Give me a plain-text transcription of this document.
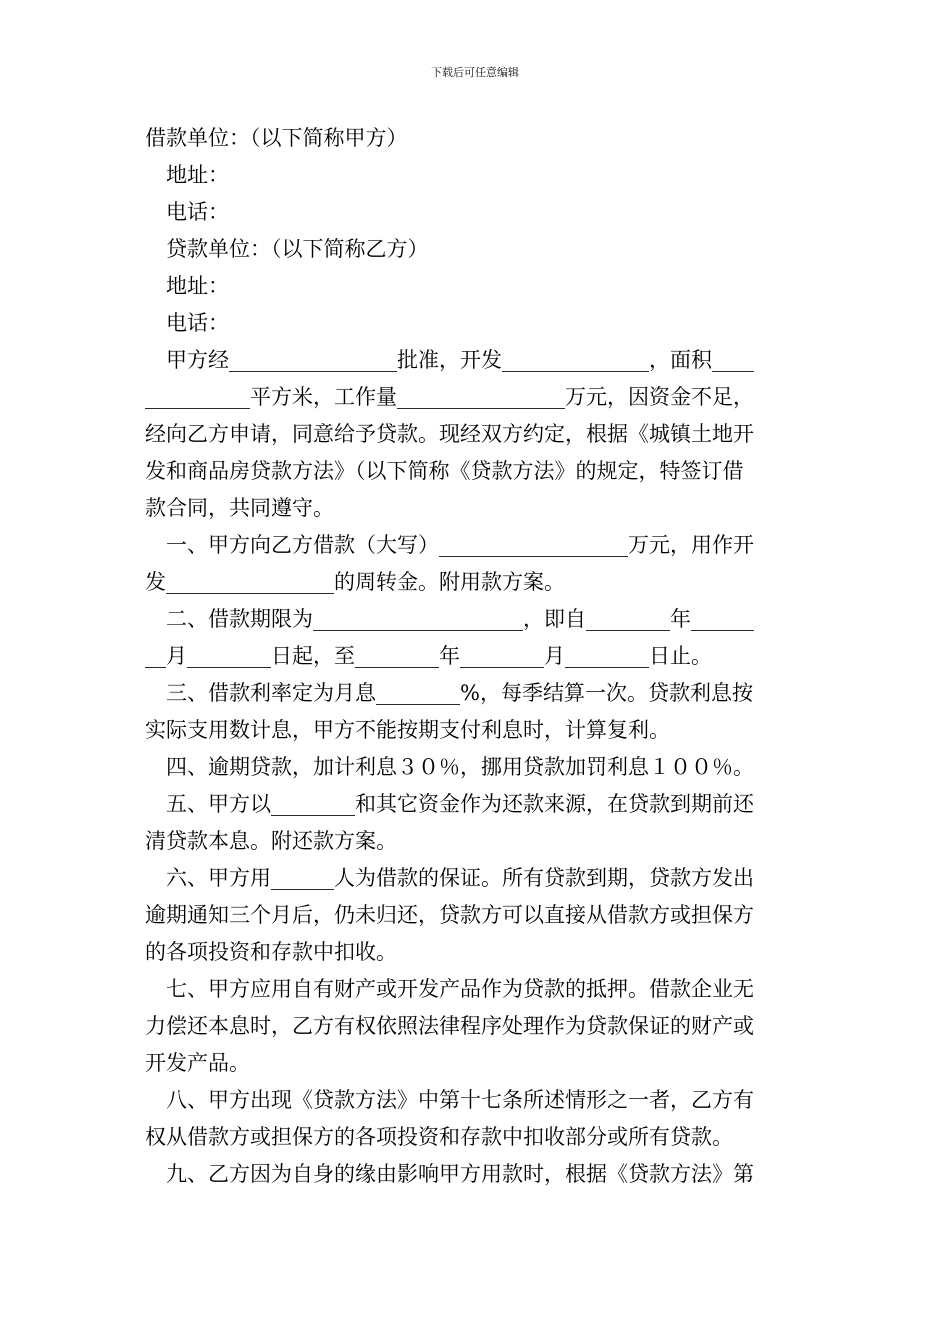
下载后可任意编辑
借款单位：（以下简称甲方）
 地址：
 电话：
 贷款单位：（以下简称乙方）
 地址：
 电话：
 甲方经________________批准，开发______________，面积____
__________平方米，工作量________________万元，因资金不足，
经向乙方申请，同意给予贷款。现经双方约定，根据《城镇土地开
发和商品房贷款方法》（以下简称《贷款方法》的规定，特签订借
款合同，共同遵守。
 一、甲方向乙方借款（大写）__________________万元，用作开
发________________的周转金。附用款方案。
 二、借款期限为____________________，即自________年______
__月________日起，至________年________月________日止。
 三、借款利率定为月息________%，每季结算一次。贷款利息按
实际支用数计息，甲方不能按期支付利息时，计算复利。
 四、逾期贷款，加计利息３０％，挪用贷款加罚利息１００％。
 五、甲方以________和其它资金作为还款来源，在贷款到期前还
清贷款本息。附还款方案。
 六、甲方用______人为借款的保证。所有贷款到期，贷款方发出
逾期通知三个月后，仍未归还，贷款方可以直接从借款方或担保方
的各项投资和存款中扣收。
 七、甲方应用自有财产或开发产品作为贷款的抵押。借款企业无
力偿还本息时，乙方有权依照法律程序处理作为贷款保证的财产或
开发产品。
 八、甲方出现《贷款方法》中第十七条所述情形之一者，乙方有
权从借款方或担保方的各项投资和存款中扣收部分或所有贷款。
 九、乙方因为自身的缘由影响甲方用款时，根据《贷款方法》第
